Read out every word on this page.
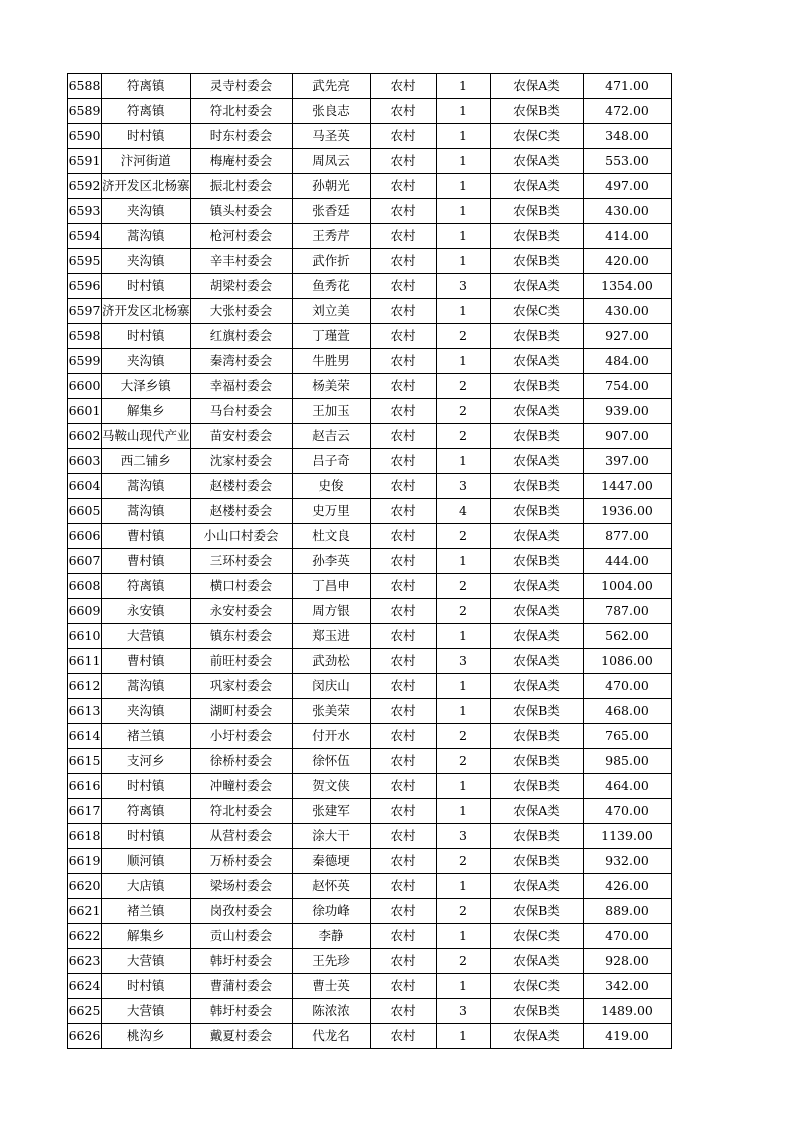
6588	符离镇	灵寺村委会	武先亮	农村	1	农保A类	471.00
6589	符离镇	符北村委会	张良志	农村	1	农保B类	472.00
6590	时村镇	时东村委会	马圣英	农村	1	农保C类	348.00
6591	汴河街道	梅庵村委会	周凤云	农村	1	农保A类	553.00
6592	济开发区北杨寨	振北村委会	孙朝光	农村	1	农保A类	497.00
6593	夹沟镇	镇头村委会	张香廷	农村	1	农保B类	430.00
6594	蒿沟镇	枪河村委会	王秀芹	农村	1	农保B类	414.00
6595	夹沟镇	辛丰村委会	武作折	农村	1	农保B类	420.00
6596	时村镇	胡梁村委会	鱼秀花	农村	3	农保A类	1354.00
6597	济开发区北杨寨	大张村委会	刘立美	农村	1	农保C类	430.00
6598	时村镇	红旗村委会	丁瑾萱	农村	2	农保B类	927.00
6599	夹沟镇	秦湾村委会	牛胜男	农村	1	农保A类	484.00
6600	大泽乡镇	幸福村委会	杨美荣	农村	2	农保B类	754.00
6601	解集乡	马台村委会	王加玉	农村	2	农保A类	939.00
6602	马鞍山现代产业	苗安村委会	赵吉云	农村	2	农保B类	907.00
6603	西二铺乡	沈家村委会	吕子奇	农村	1	农保A类	397.00
6604	蒿沟镇	赵楼村委会	史俊	农村	3	农保B类	1447.00
6605	蒿沟镇	赵楼村委会	史万里	农村	4	农保B类	1936.00
6606	曹村镇	小山口村委会	杜文良	农村	2	农保A类	877.00
6607	曹村镇	三环村委会	孙李英	农村	1	农保B类	444.00
6608	符离镇	横口村委会	丁昌申	农村	2	农保A类	1004.00
6609	永安镇	永安村委会	周方银	农村	2	农保A类	787.00
6610	大营镇	镇东村委会	郑玉进	农村	1	农保A类	562.00
6611	曹村镇	前旺村委会	武劲松	农村	3	农保A类	1086.00
6612	蒿沟镇	巩家村委会	闵庆山	农村	1	农保A类	470.00
6613	夹沟镇	湖町村委会	张美荣	农村	1	农保B类	468.00
6614	褚兰镇	小圩村委会	付开水	农村	2	农保B类	765.00
6615	支河乡	徐桥村委会	徐怀伍	农村	2	农保B类	985.00
6616	时村镇	冲疃村委会	贺文侠	农村	1	农保B类	464.00
6617	符离镇	符北村委会	张建军	农村	1	农保A类	470.00
6618	时村镇	从营村委会	涂大干	农村	3	农保B类	1139.00
6619	顺河镇	万桥村委会	秦德埂	农村	2	农保B类	932.00
6620	大店镇	梁场村委会	赵怀英	农村	1	农保A类	426.00
6621	褚兰镇	岗孜村委会	徐功峰	农村	2	农保B类	889.00
6622	解集乡	贡山村委会	李静	农村	1	农保C类	470.00
6623	大营镇	韩圩村委会	王先珍	农村	2	农保A类	928.00
6624	时村镇	曹蒲村委会	曹士英	农村	1	农保C类	342.00
6625	大营镇	韩圩村委会	陈浓浓	农村	3	农保B类	1489.00
6626	桃沟乡	戴夏村委会	代龙名	农村	1	农保A类	419.00
